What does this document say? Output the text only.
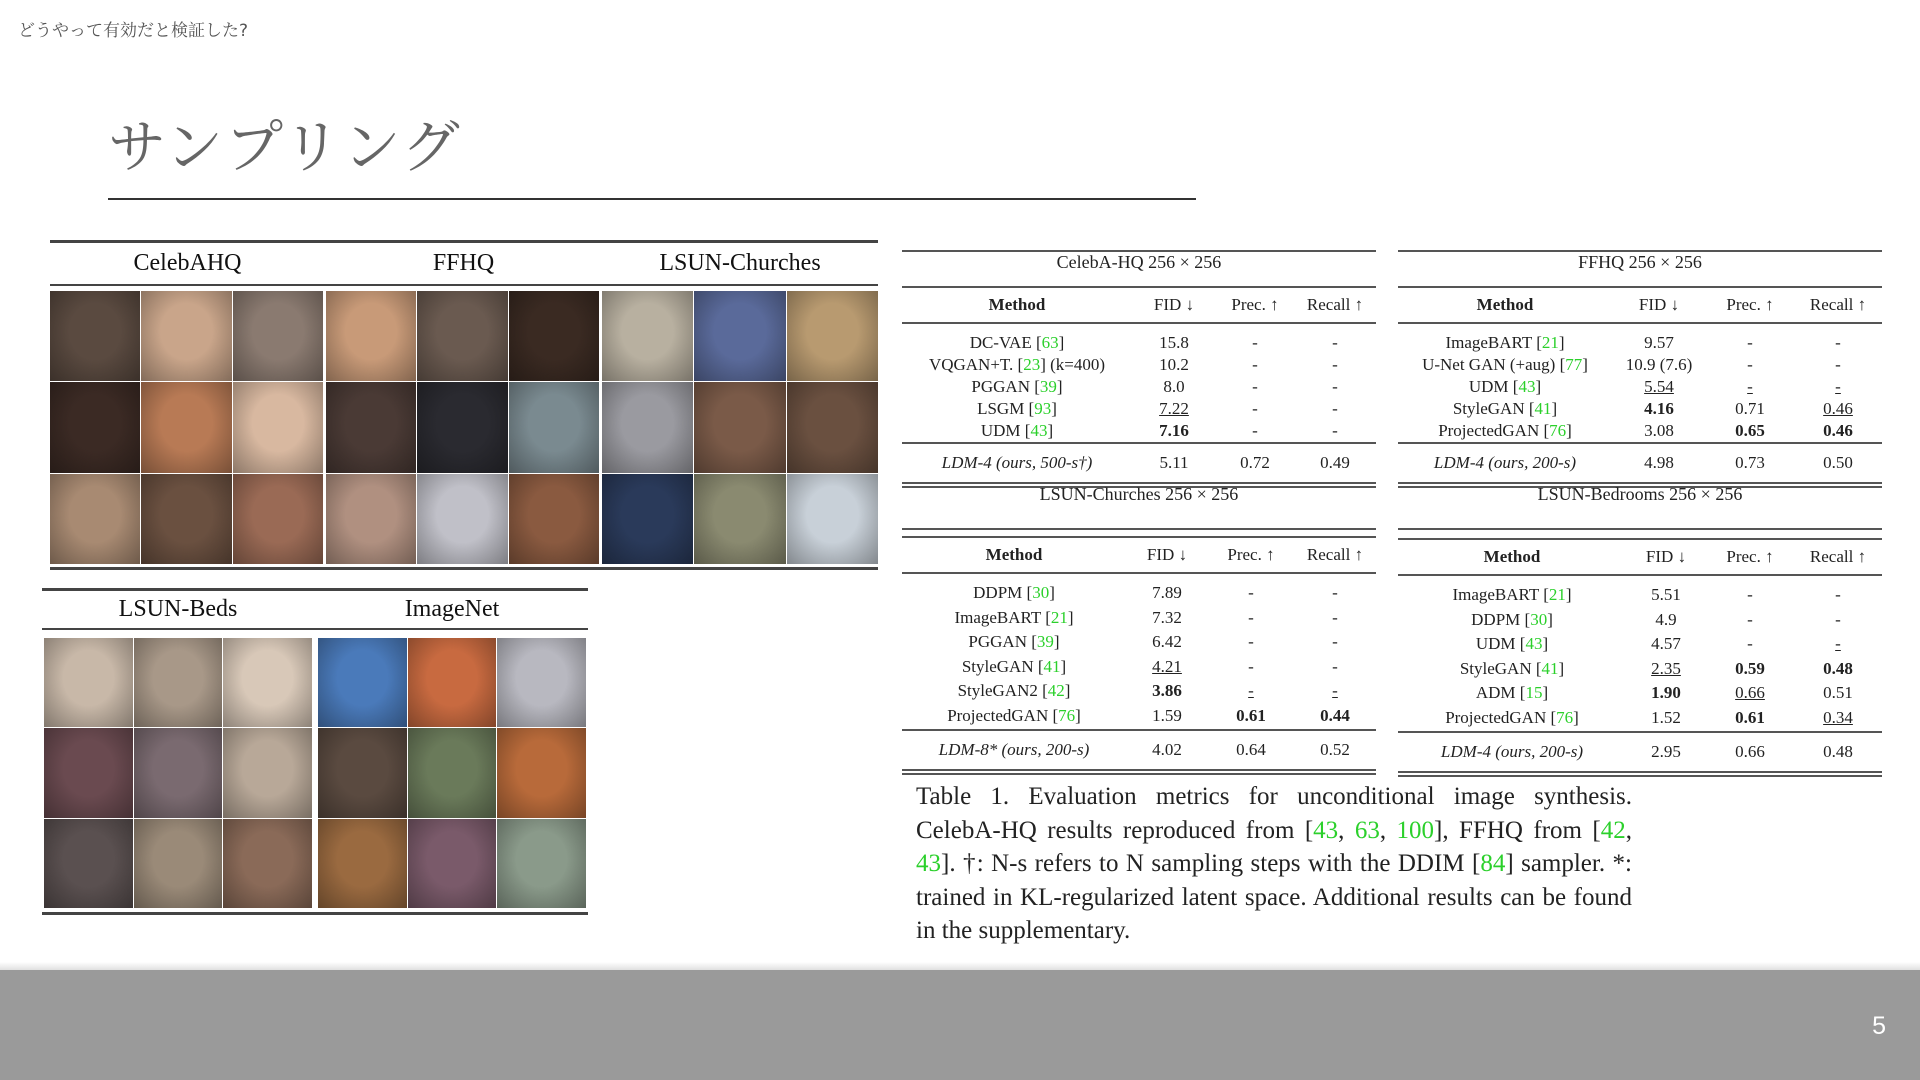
どうやって有効だと検証した?
サンプリング
CelebAHQ	FFHQ	LSUN-Churches
LSUN-Beds	ImageNet
CelebA-HQ 256 × 256
Method	FID ↓	Prec. ↑	Recall ↑
DC-VAE [63]	15.8	-	-
VQGAN+T. [23] (k=400)	10.2	-	-
PGGAN [39]	8.0	-	-
LSGM [93]	7.22	-	-
UDM [43]	7.16	-	-
LDM-4 (ours, 500-s†)	5.11	0.72	0.49
FFHQ 256 × 256
Method	FID ↓	Prec. ↑	Recall ↑
ImageBART [21]	9.57	-	-
U-Net GAN (+aug) [77]	10.9 (7.6)	-	-
UDM [43]	5.54	-	-
StyleGAN [41]	4.16	0.71	0.46
ProjectedGAN [76]	3.08	0.65	0.46
LDM-4 (ours, 200-s)	4.98	0.73	0.50
LSUN-Churches 256 × 256
Method	FID ↓	Prec. ↑	Recall ↑
DDPM [30]	7.89	-	-
ImageBART [21]	7.32	-	-
PGGAN [39]	6.42	-	-
StyleGAN [41]	4.21	-	-
StyleGAN2 [42]	3.86	-	-
ProjectedGAN [76]	1.59	0.61	0.44
LDM-8* (ours, 200-s)	4.02	0.64	0.52
LSUN-Bedrooms 256 × 256
Method	FID ↓	Prec. ↑	Recall ↑
ImageBART [21]	5.51	-	-
DDPM [30]	4.9	-	-
UDM [43]	4.57	-	-
StyleGAN [41]	2.35	0.59	0.48
ADM [15]	1.90	0.66	0.51
ProjectedGAN [76]	1.52	0.61	0.34
LDM-4 (ours, 200-s)	2.95	0.66	0.48
Table 1. Evaluation metrics for unconditional image synthesis. CelebA-HQ results reproduced from [43, 63, 100], FFHQ from [42, 43]. †: N-s refers to N sampling steps with the DDIM [84] sampler. *: trained in KL-regularized latent space. Additional results can be found in the supplementary.
5
